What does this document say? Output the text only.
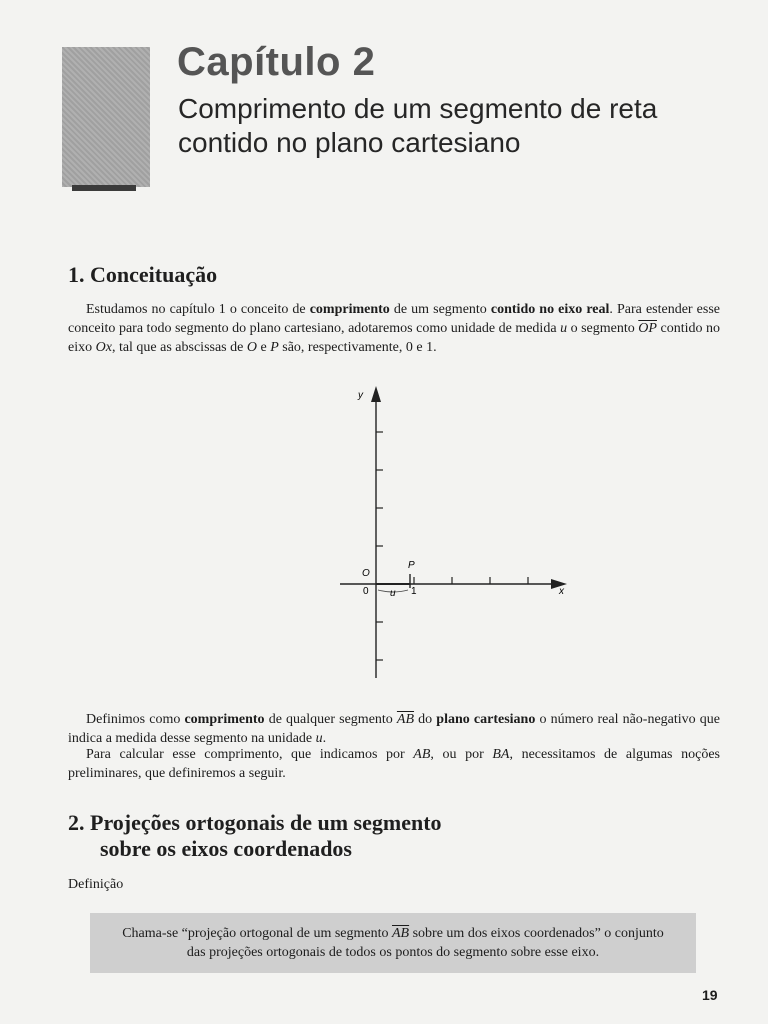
Capítulo 2
Comprimento de um segmento de reta contido no plano cartesiano
1. Conceituação

Estudamos no capítulo 1 o conceito de comprimento de um segmento contido no eixo real. Para estender esse conceito para todo segmento do plano cartesiano, adotaremos como unidade de medida u o segmento $\overline{OP}$ contido no eixo Ox, tal que as abscissas de O e P são, respectivamente, 0 e 1.

y
x
O
P
0	1
u

Definimos como comprimento de qualquer segmento $\overline{AB}$ do plano cartesiano o número real não-negativo que indica a medida desse segmento na unidade u.

Para calcular esse comprimento, que indicamos por AB, ou por BA, necessitamos de algumas noções preliminares, que definiremos a seguir.

2. Projeções ortogonais de um segmento
sobre os eixos coordenados

Definição

Chama-se “projeção ortogonal de um segmento $\overline{AB}$ sobre um dos eixos coordenados” o conjunto das projeções ortogonais de todos os pontos do segmento sobre esse eixo.

19
